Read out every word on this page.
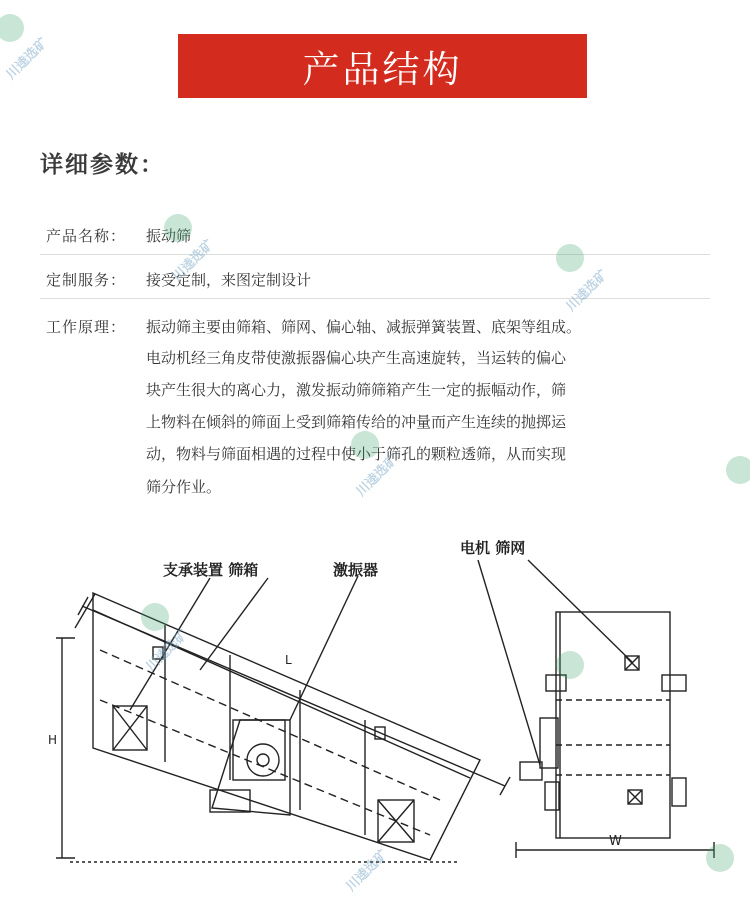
产品结构
详细参数：
产品名称： 振动筛
定制服务： 接受定制，来图定制设计
工作原理： 振动筛主要由筛箱、筛网、偏心轴、减振弹簧装置、底架等组成。
电动机经三角皮带使激振器偏心块产生高速旋转，当运转的偏心
块产生很大的离心力，激发振动筛筛箱产生一定的振幅动作，筛
上物料在倾斜的筛面上受到筛箱传给的冲量而产生连续的抛掷运
动，物料与筛面相遇的过程中使小于筛孔的颗粒透筛，从而实现
筛分作业。
支承装置 筛箱	激振器
电机 筛网
L
H
W
川逵选矿
川逵选矿
川逵选矿
川逵选矿
川逵选矿
川逵选矿
